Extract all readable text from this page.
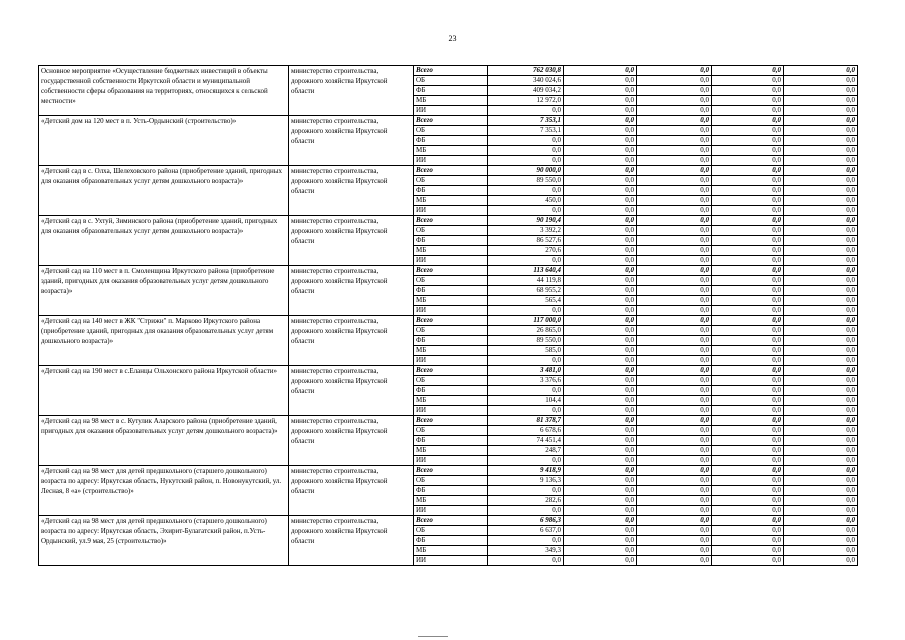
23
Основное мероприятие «Осуществление бюджетных инвестиций в объекты государственной собственности Иркутской области и муниципальной собственности сферы образования на территориях, относящихся к сельской местности»	министерство строительства, дорожного хозяйства Иркутской области	Всего	762 030,8	0,0	0,0	0,0	0,0	
		ОБ	340 024,6	0,0	0,0	0,0	0,0	
		ФБ	409 034,2	0,0	0,0	0,0	0,0	
		МБ	12 972,0	0,0	0,0	0,0	0,0	
		ИИ	0,0	0,0	0,0	0,0	0,0	
«Детский дом на 120 мест в п. Усть-Ордынский (строительство)»	министерство строительства, дорожного хозяйства Иркутской области	Всего	7 353,1	0,0	0,0	0,0	0,0	
		ОБ	7 353,1	0,0	0,0	0,0	0,0	
		ФБ	0,0	0,0	0,0	0,0	0,0	
		МБ	0,0	0,0	0,0	0,0	0,0	
		ИИ	0,0	0,0	0,0	0,0	0,0	
«Детский сад в с. Олха, Шелеховского района (приобретение зданий, пригодных для оказания образовательных услуг детям дошкольного возраста)»	министерство строительства, дорожного хозяйства Иркутской области	Всего	90 000,0	0,0	0,0	0,0	0,0	
		ОБ	89 550,0	0,0	0,0	0,0	0,0	
		ФБ	0,0	0,0	0,0	0,0	0,0	
		МБ	450,0	0,0	0,0	0,0	0,0	
		ИИ	0,0	0,0	0,0	0,0	0,0	
«Детский сад в с. Ухтуй, Зиминского района (приобретение зданий, пригодных для оказания образовательных услуг детям дошкольного возраста)»	министерство строительства, дорожного хозяйства Иркутской области	Всего	90 190,4	0,0	0,0	0,0	0,0	
		ОБ	3 392,2	0,0	0,0	0,0	0,0	
		ФБ	86 527,6	0,0	0,0	0,0	0,0	
		МБ	270,6	0,0	0,0	0,0	0,0	
		ИИ	0,0	0,0	0,0	0,0	0,0	
«Детский сад на 110 мест в п. Смоленщина Иркутского района (приобретение зданий, пригодных для оказания образовательных услуг детям дошкольного возраста)»	министерство строительства, дорожного хозяйства Иркутской области	Всего	113 640,4	0,0	0,0	0,0	0,0	
		ОБ	44 119,8	0,0	0,0	0,0	0,0	
		ФБ	68 955,2	0,0	0,0	0,0	0,0	
		МБ	565,4	0,0	0,0	0,0	0,0	
		ИИ	0,0	0,0	0,0	0,0	0,0	
«Детский сад на 140 мест в ЖК "Стрижи" п. Марково Иркутского района (приобретение зданий, пригодных для оказания образовательных услуг детям дошкольного возраста)»	министерство строительства, дорожного хозяйства Иркутской области	Всего	117 000,0	0,0	0,0	0,0	0,0	
		ОБ	26 865,0	0,0	0,0	0,0	0,0	
		ФБ	89 550,0	0,0	0,0	0,0	0,0	
		МБ	585,0	0,0	0,0	0,0	0,0	
		ИИ	0,0	0,0	0,0	0,0	0,0	
«Детский сад на 190 мест в с.Еланцы Ольхонского района Иркутской области»	министерство строительства, дорожного хозяйства Иркутской области	Всего	3 481,0	0,0	0,0	0,0	0,0	
		ОБ	3 376,6	0,0	0,0	0,0	0,0	
		ФБ	0,0	0,0	0,0	0,0	0,0	
		МБ	104,4	0,0	0,0	0,0	0,0	
		ИИ	0,0	0,0	0,0	0,0	0,0	
«Детский сад на 98 мест в с. Кутулик Аларского района (приобретение зданий, пригодных для оказания образовательных услуг детям дошкольного возраста)»	министерство строительства, дорожного хозяйства Иркутской области	Всего	81 378,7	0,0	0,0	0,0	0,0	
		ОБ	6 678,6	0,0	0,0	0,0	0,0	
		ФБ	74 451,4	0,0	0,0	0,0	0,0	
		МБ	248,7	0,0	0,0	0,0	0,0	
		ИИ	0,0	0,0	0,0	0,0	0,0	
«Детский сад на 98 мест для детей предшкольного (старшего дошкольного) возраста по адресу: Иркутская область, Нукутский район, п. Новонукутский, ул. Лесная, 8 «а» (строительство)»	министерство строительства, дорожного хозяйства Иркутской области	Всего	9 418,9	0,0	0,0	0,0	0,0	
		ОБ	9 136,3	0,0	0,0	0,0	0,0	
		ФБ	0,0	0,0	0,0	0,0	0,0	
		МБ	282,6	0,0	0,0	0,0	0,0	
		ИИ	0,0	0,0	0,0	0,0	0,0	
«Детский сад на 98 мест для детей предшкольного (старшего дошкольного) возраста по адресу: Иркутская область, Эхирит-Булагатский район, п.Усть-Ордынский, ул.9 мая, 25 (строительство)»	министерство строительства, дорожного хозяйства Иркутской области	Всего	6 986,3	0,0	0,0	0,0	0,0	
		ОБ	6 637,0	0,0	0,0	0,0	0,0	
		ФБ	0,0	0,0	0,0	0,0	0,0	
		МБ	349,3	0,0	0,0	0,0	0,0	
		ИИ	0,0	0,0	0,0	0,0	0,0	
